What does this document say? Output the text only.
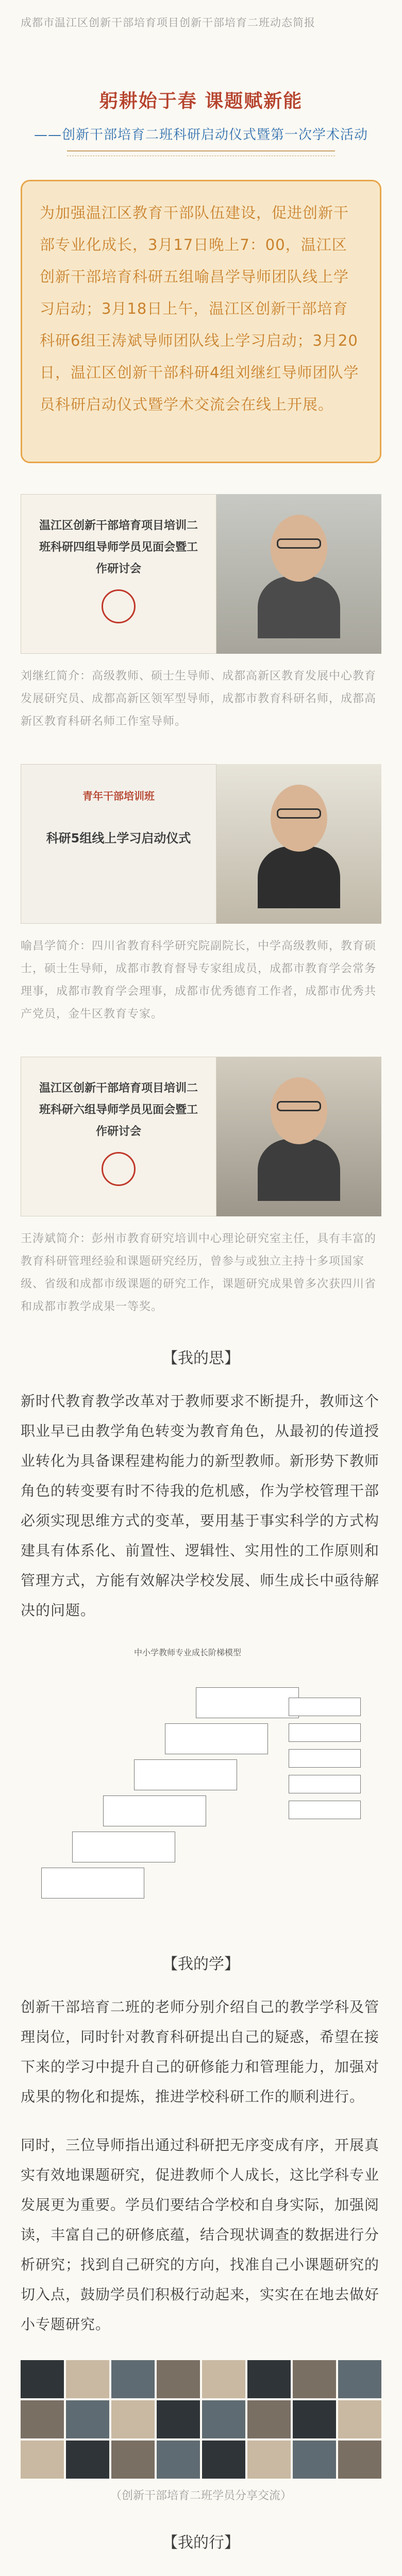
成都市温江区创新干部培育项目创新干部培育二班动态简报
躬耕始于春 课题赋新能
——创新干部培育二班科研启动仪式暨第一次学术活动
为加强温江区教育干部队伍建设，促进创新干部专业化成长，3月17日晚上7：00，温江区创新干部培育科研五组喻昌学导师团队线上学习启动；3月18日上午，温江区创新干部培育科研6组王涛斌导师团队线上学习启动；3月20日，温江区创新干部科研4组刘继红导师团队学员科研启动仪式暨学术交流会在线上开展。
温江区创新干部培育项目培训二班科研四组导师学员见面会暨工作研讨会
刘继红简介：高级教师、硕士生导师、成都高新区教育发展中心教育发展研究员、成都高新区领军型导师，成都市教育科研名师，成都高新区教育科研名师工作室导师。
青年干部培训班
科研5组线上学习启动仪式
喻昌学简介：四川省教育科学研究院副院长，中学高级教师，教育硕士，硕士生导师，成都市教育督导专家组成员，成都市教育学会常务理事，成都市教育学会理事，成都市优秀德育工作者，成都市优秀共产党员，金牛区教育专家。
温江区创新干部培育项目培训二班科研六组导师学员见面会暨工作研讨会
王涛斌简介：彭州市教育研究培训中心理论研究室主任，具有丰富的教育科研管理经验和课题研究经历，曾参与或独立主持十多项国家级、省级和成都市级课题的研究工作，课题研究成果曾多次获四川省和成都市教学成果一等奖。
【我的思】
新时代教育教学改革对于教师要求不断提升，教师这个职业早已由教学角色转变为教育角色，从最初的传道授业转化为具备课程建构能力的新型教师。新形势下教师角色的转变要有时不待我的危机感，作为学校管理干部必须实现思维方式的变革，要用基于事实科学的方式构建具有体系化、前置性、逻辑性、实用性的工作原则和管理方式，方能有效解决学校发展、师生成长中亟待解决的问题。
中小学教师专业成长阶梯模型
【我的学】
创新干部培育二班的老师分别介绍自己的教学学科及管理岗位，同时针对教育科研提出自己的疑惑，希望在接下来的学习中提升自己的研修能力和管理能力，加强对成果的物化和提炼，推进学校科研工作的顺利进行。
同时，三位导师指出通过科研把无序变成有序，开展真实有效地课题研究，促进教师个人成长，这比学科专业发展更为重要。学员们要结合学校和自身实际，加强阅读，丰富自己的研修底蕴，结合现状调查的数据进行分析研究；找到自己研究的方向，找准自己小课题研究的切入点，鼓励学员们积极行动起来，实实在在地去做好小专题研究。
（创新干部培育二班学员分享交流）
【我的行】
